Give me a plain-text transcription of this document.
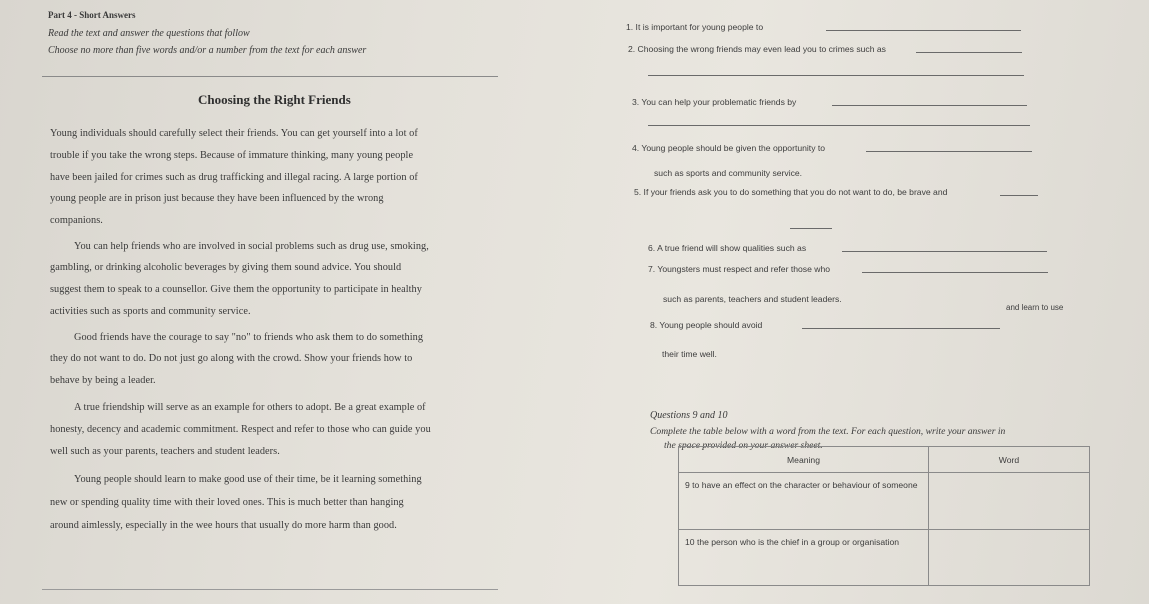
Part 4 - Short Answers
Read the text and answer the questions that follow
Choose no more than five words and/or a number from the text for each answer
Choosing the Right Friends
Young individuals should carefully select their friends. You can get yourself into a lot of
trouble if you take the wrong steps. Because of immature thinking, many young people
have been jailed for crimes such as drug trafficking and illegal racing. A large portion of
young people are in prison just because they have been influenced by the wrong
companions.
You can help friends who are involved in social problems such as drug use, smoking,
gambling, or drinking alcoholic beverages by giving them sound advice. You should
suggest them to speak to a counsellor. Give them the opportunity to participate in healthy
activities such as sports and community service.
Good friends have the courage to say "no" to friends who ask them to do something
they do not want to do. Do not just go along with the crowd. Show your friends how to
behave by being a leader.
A true friendship will serve as an example for others to adopt. Be a great example of
honesty, decency and academic commitment. Respect and refer to those who can guide you
well such as your parents, teachers and student leaders.
Young people should learn to make good use of their time, be it learning something
new or spending quality time with their loved ones. This is much better than hanging
around aimlessly, especially in the wee hours that usually do more harm than good.
1. It is important for young people to
2. Choosing the wrong friends may even lead you to crimes such as
3. You can help your problematic friends by
4. Young people should be given the opportunity to
such as sports and community service.
5. If your friends ask you to do something that you do not want to do, be brave and
6. A true friend will show qualities such as
7. Youngsters must respect and refer those who
such as parents, teachers and student leaders.
8. Young people should avoid
and learn to use
their time well.
Questions 9 and 10
Complete the table below with a word from the text. For each question, write your answer in
the space provided on your answer sheet.
Meaning	Word
9 to have an effect on the character or behaviour of someone	
10 the person who is the chief in a group or organisation	
